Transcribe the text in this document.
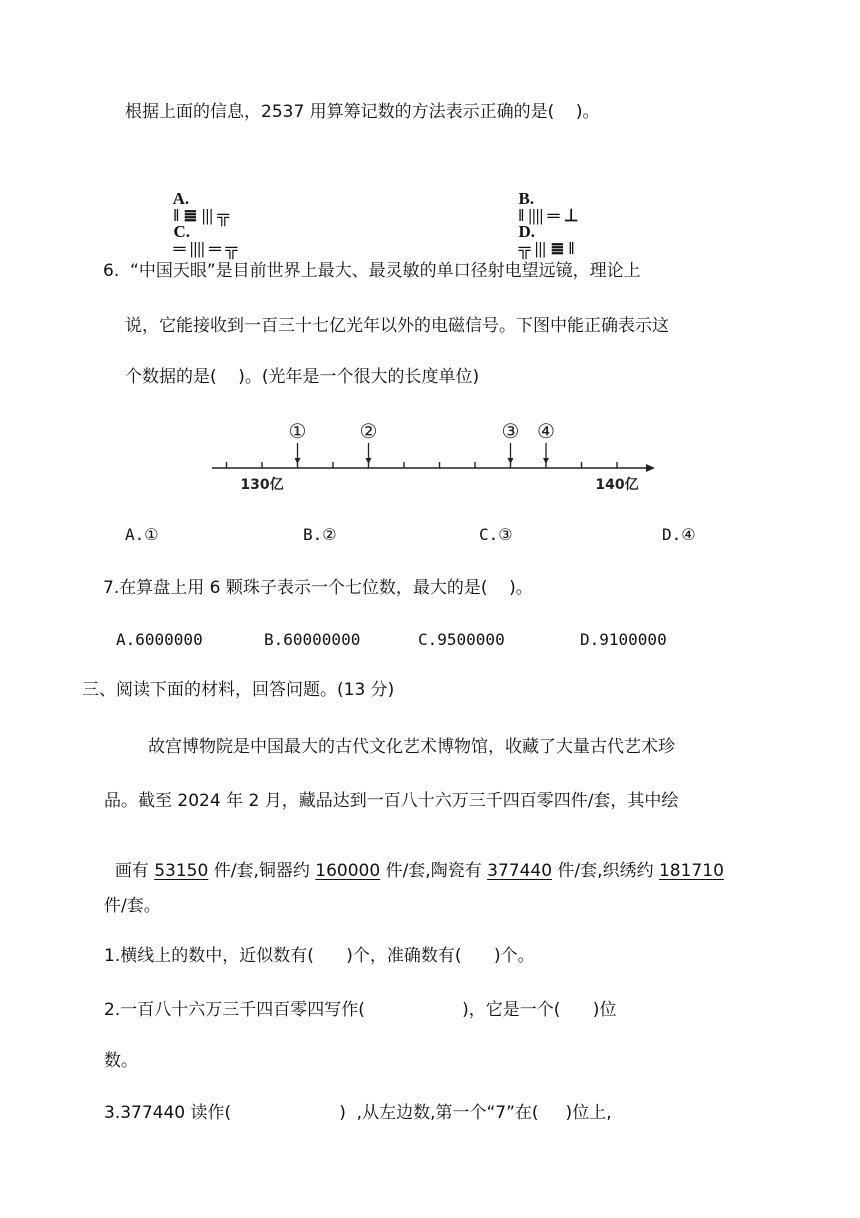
根据上面的信息，2537 用算筹记数的方法表示正确的是(    )。

A.
‖ ≣ ||| ╦

B.
‖ |||| ═ ⊥

C.
═ |||| ═ ╦

D.
╦ ||| ≣ ‖

6.  “中国天眼”是目前世界上最大、最灵敏的单口径射电望远镜，理论上
说，它能接收到一百三十七亿光年以外的电磁信号。下图中能正确表示这
个数据的是(    )。(光年是一个很大的长度单位)
①	②	③ ④
130亿	140亿
A.①	B.②	C.③	D.④
7.在算盘上用 6 颗珠子表示一个七位数，最大的是(    )。
A.6000000	B.60000000	C.9500000	D.9100000
三、阅读下面的材料，回答问题。(13 分)
故宫博物院是中国最大的古代文化艺术博物馆，收藏了大量古代艺术珍
品。截至 2024 年 2 月，藏品达到一百八十六万三千四百零四件/套，其中绘

画有 53150 件/套,铜器约 160000 件/套,陶瓷有 377440 件/套,织绣约 181710

件/套。
1.横线上的数中，近似数有(      )个，准确数有(      )个。
2.一百八十六万三千四百零四写作(                  )，它是一个(      )位
数。
3.377440 读作(                    )  ,从左边数,第一个“7”在(     )位上,
